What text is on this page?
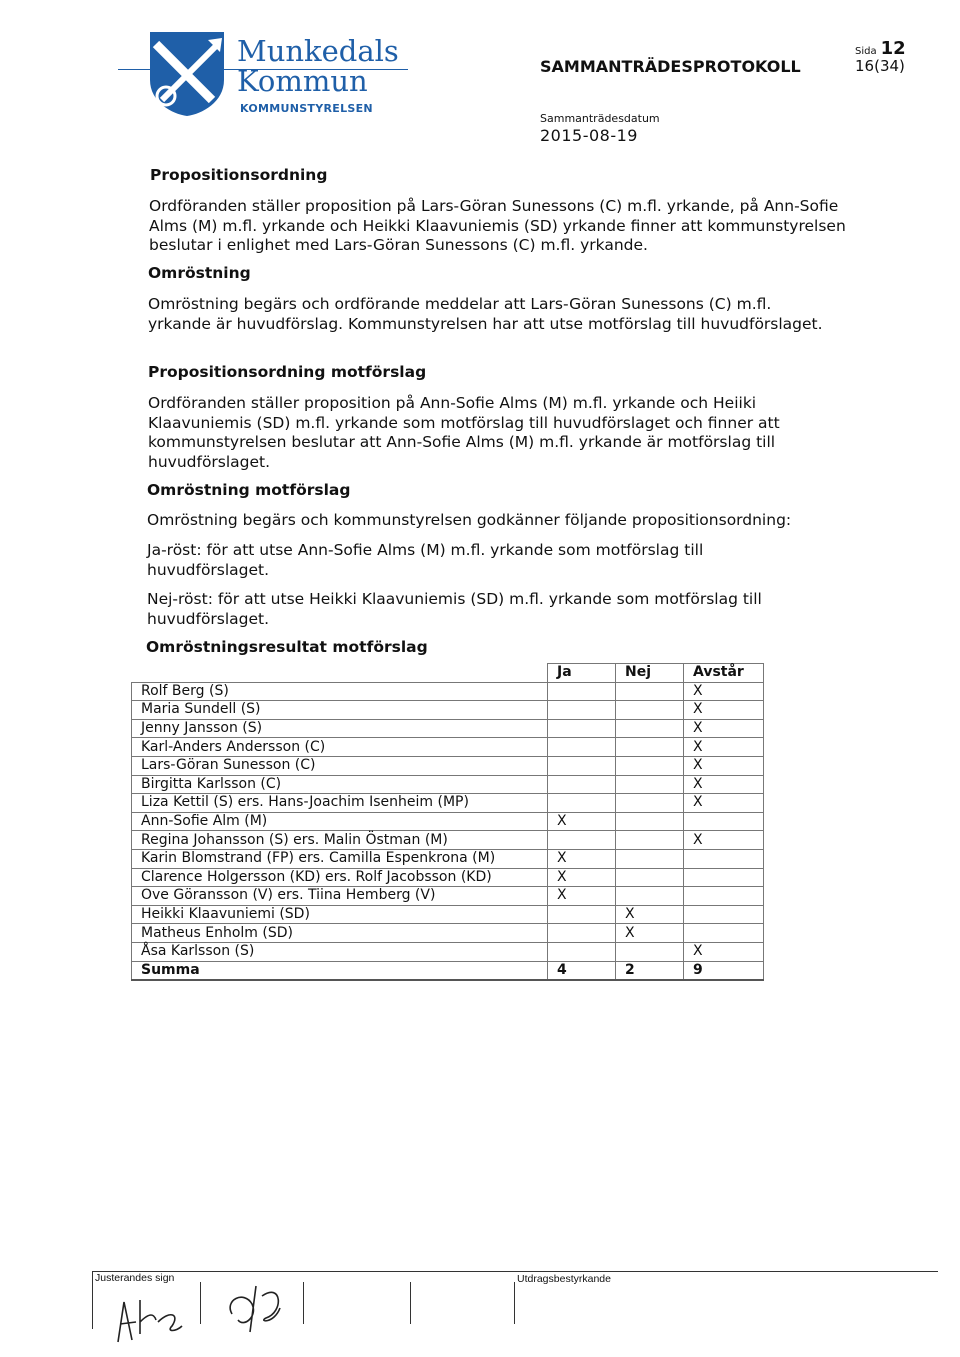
Munkedals
Kommun
KOMMUNSTYRELSEN
SAMMANTRÄDESPROTOKOLL
Sammanträdesdatum
2015-08-19
Sida 12
16(34)
Propositionsordning
Ordföranden ställer proposition på Lars-Göran Sunessons (C) m.fl. yrkande, på Ann-Sofie Alms (M) m.fl. yrkande och Heikki Klaavuniemis (SD) yrkande finner att kommunstyrelsen beslutar i enlighet med Lars-Göran Sunessons (C) m.fl. yrkande.
Omröstning
Omröstning begärs och ordförande meddelar att Lars-Göran Sunessons (C) m.fl. yrkande är huvudförslag. Kommunstyrelsen har att utse motförslag till huvudförslaget.
Propositionsordning motförslag
Ordföranden ställer proposition på Ann-Sofie Alms (M) m.fl. yrkande och Heiiki Klaavuniemis (SD) m.fl. yrkande som motförslag till huvudförslaget och finner att kommunstyrelsen beslutar att Ann-Sofie Alms (M) m.fl. yrkande är motförslag till huvudförslaget.
Omröstning motförslag
Omröstning begärs och kommunstyrelsen godkänner följande propositionsordning:
Ja-röst: för att utse Ann-Sofie Alms (M) m.fl. yrkande som motförslag till huvudförslaget.
Nej-röst: för att utse Heikki Klaavuniemis (SD) m.fl. yrkande som motförslag till huvudförslaget.
Omröstningsresultat motförslag
	Ja	Nej	Avstår
Rolf Berg (S)			X
Maria Sundell (S)			X
Jenny Jansson (S)			X
Karl-Anders Andersson (C)			X
Lars-Göran Sunesson (C)			X
Birgitta Karlsson (C)			X
Liza Kettil (S) ers. Hans-Joachim Isenheim (MP)			X
Ann-Sofie Alm (M)	X		
Regina Johansson (S) ers. Malin Östman (M)			X
Karin Blomstrand (FP) ers. Camilla Espenkrona (M)	X		
Clarence Holgersson (KD) ers. Rolf Jacobsson (KD)	X		
Ove Göransson (V) ers. Tiina Hemberg (V)	X		
Heikki Klaavuniemi (SD)		X	
Matheus Enholm (SD)		X	
Åsa Karlsson (S)			X
Summa	4	2	9
Justerandes sign	Utdragsbestyrkande
